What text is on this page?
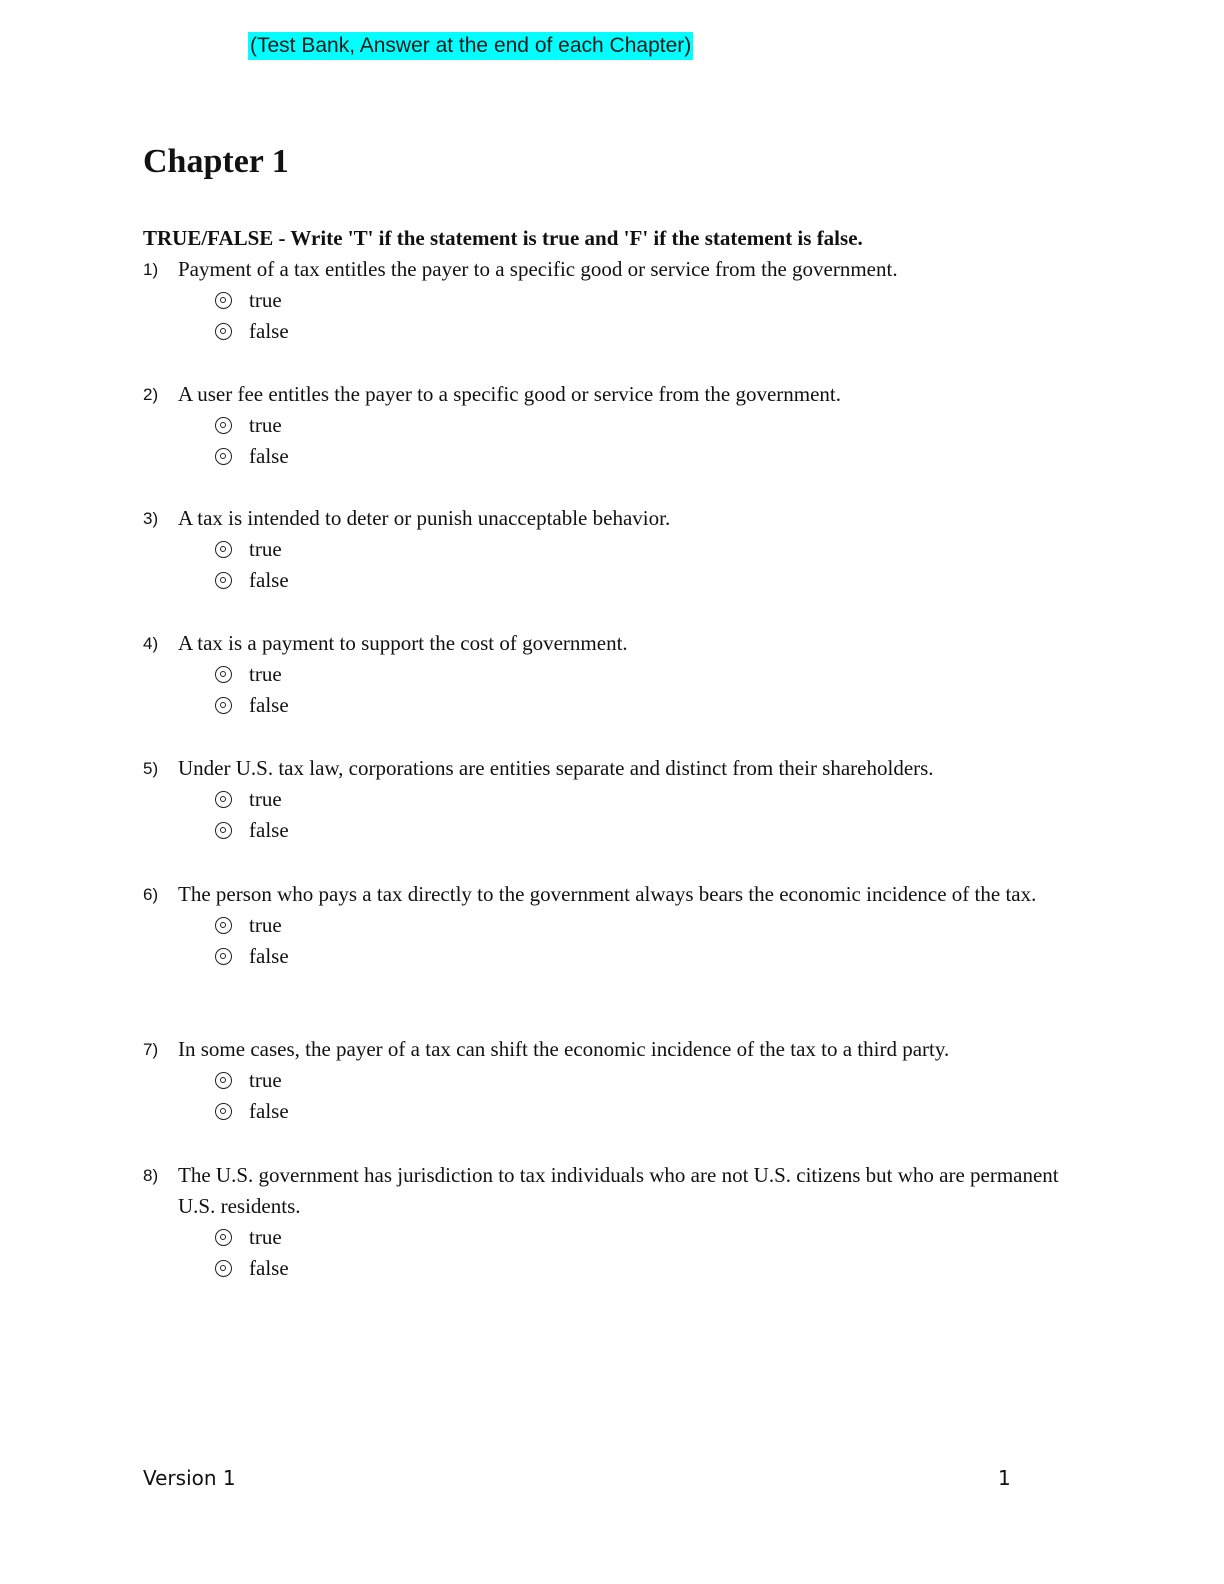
(Test Bank, Answer at the end of each Chapter)
Chapter 1
TRUE/FALSE - Write 'T' if the statement is true and 'F' if the statement is false.
1) Payment of a tax entitles the payer to a specific good or service from the government.
true
false
2) A user fee entitles the payer to a specific good or service from the government.
true
false
3) A tax is intended to deter or punish unacceptable behavior.
true
false
4) A tax is a payment to support the cost of government.
true
false
5) Under U.S. tax law, corporations are entities separate and distinct from their shareholders.
true
false
6) The person who pays a tax directly to the government always bears the economic incidence of the tax.
true
false
7) In some cases, the payer of a tax can shift the economic incidence of the tax to a third party.
true
false
8) The U.S. government has jurisdiction to tax individuals who are not U.S. citizens but who are permanent U.S. residents.
true
false
Version 1	1
